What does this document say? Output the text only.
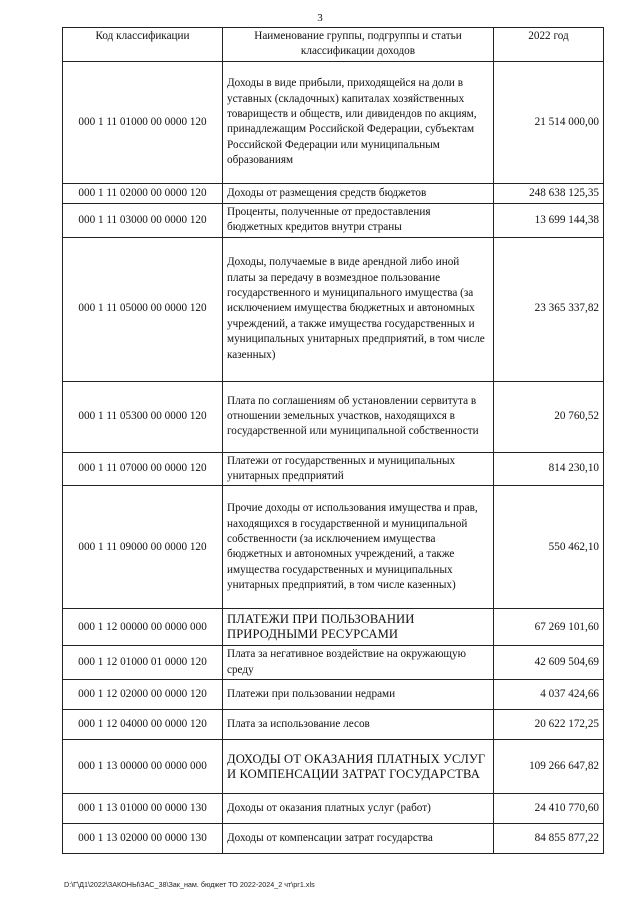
3
Код классификации	Наименование группы, подгруппы и статьи классификации доходов	2022 год
000 1 11 01000 00 0000 120	Доходы в виде прибыли, приходящейся на доли в уставных (складочных) капиталах хозяйственных товариществ и обществ, или дивидендов по акциям, принадлежащим Российской Федерации, субъектам Российской Федерации или муниципальным образованиям	21 514 000,00
000 1 11 02000 00 0000 120	Доходы от размещения средств бюджетов	248 638 125,35
000 1 11 03000 00 0000 120	Проценты, полученные от предоставления бюджетных кредитов внутри страны	13 699 144,38
000 1 11 05000 00 0000 120	Доходы, получаемые в виде арендной либо иной платы за передачу в возмездное пользование государственного и муниципального имущества (за исключением имущества бюджетных и автономных учреждений, а также имущества государственных и муниципальных унитарных предприятий, в том числе казенных)	23 365 337,82
000 1 11 05300 00 0000 120	Плата по соглашениям об установлении сервитута в отношении земельных участков, находящихся в государственной или муниципальной собственности	20 760,52
000 1 11 07000 00 0000 120	Платежи от государственных и муниципальных унитарных предприятий	814 230,10
000 1 11 09000 00 0000 120	Прочие доходы от использования имущества и прав, находящихся в государственной и муниципальной собственности (за исключением имущества бюджетных и автономных учреждений, а также имущества государственных и муниципальных унитарных предприятий, в том числе казенных)	550 462,10
000 1 12 00000 00 0000 000	ПЛАТЕЖИ ПРИ ПОЛЬЗОВАНИИ ПРИРОДНЫМИ РЕСУРСАМИ	67 269 101,60
000 1 12 01000 01 0000 120	Плата за негативное воздействие на окружающую среду	42 609 504,69
000 1 12 02000 00 0000 120	Платежи при пользовании недрами	4 037 424,66
000 1 12 04000 00 0000 120	Плата за использование лесов	20 622 172,25
000 1 13 00000 00 0000 000	ДОХОДЫ ОТ ОКАЗАНИЯ ПЛАТНЫХ УСЛУГ И КОМПЕНСАЦИИ ЗАТРАТ ГОСУДАРСТВА	109 266 647,82
000 1 13 01000 00 0000 130	Доходы от оказания платных услуг (работ)	24 410 770,60
000 1 13 02000 00 0000 130	Доходы от компенсации затрат государства	84 855 877,22
D:\Г\Д1\2022\ЗАКОНЫ\ЗАС_38\Зак_нам. бюджет ТО 2022-2024_2 чт\рг1.xls
